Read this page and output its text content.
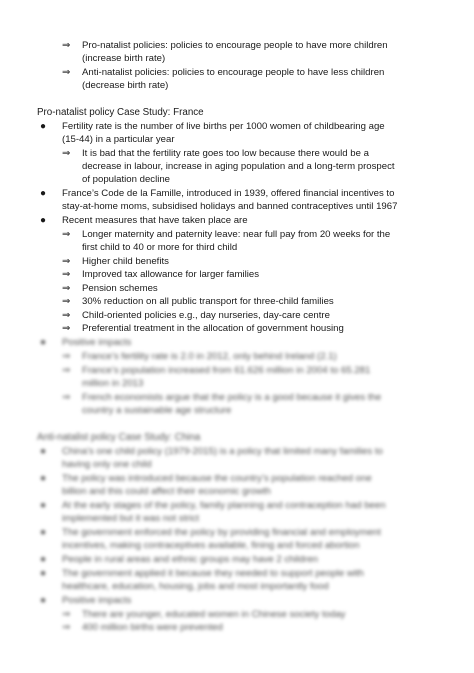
⇒ Pro-natalist policies: policies to encourage people to have more children
(increase birth rate)
⇒ Anti-natalist policies: policies to encourage people to have less children
(decrease birth rate)
Pro-natalist policy Case Study: France
● Fertility rate is the number of live births per 1000 women of childbearing age
(15-44) in a particular year
⇒ It is bad that the fertility rate goes too low because there would be a
decrease in labour, increase in aging population and a long-term prospect
of population decline
● France’s Code de la Famille, introduced in 1939, offered financial incentives to
stay-at-home moms, subsidised holidays and banned contraceptives until 1967
● Recent measures that have taken place are
⇒ Longer maternity and paternity leave: near full pay from 20 weeks for the
first child to 40 or more for third child
⇒ Higher child benefits
⇒ Improved tax allowance for larger families
⇒ Pension schemes
⇒ 30% reduction on all public transport for three-child families
⇒ Child-oriented policies e.g., day nurseries, day-care centre
⇒ Preferential treatment in the allocation of government housing
● Positive impacts
⇒ France’s fertility rate is 2.0 in 2012, only behind Ireland (2.1)
⇒ France’s population increased from 61.626 million in 2004 to 65.281
million in 2013
⇒ French economists argue that the policy is a good because it gives the
country a sustainable age structure
Anti-natalist policy Case Study: China
● China’s one child policy (1979-2015) is a policy that limited many families to
having only one child
● The policy was introduced because the country’s population reached one
billion and this could affect their economic growth
● At the early stages of the policy, family planning and contraception had been
implemented but it was not strict
● The government enforced the policy by providing financial and employment
incentives, making contraceptives available, fining and forced abortion
● People in rural areas and ethnic groups may have 2 children
● The government applied it because they needed to support people with
healthcare, education, housing, jobs and most importantly food
● Positive impacts
⇒ There are younger, educated women in Chinese society today
⇒ 400 million births were prevented
